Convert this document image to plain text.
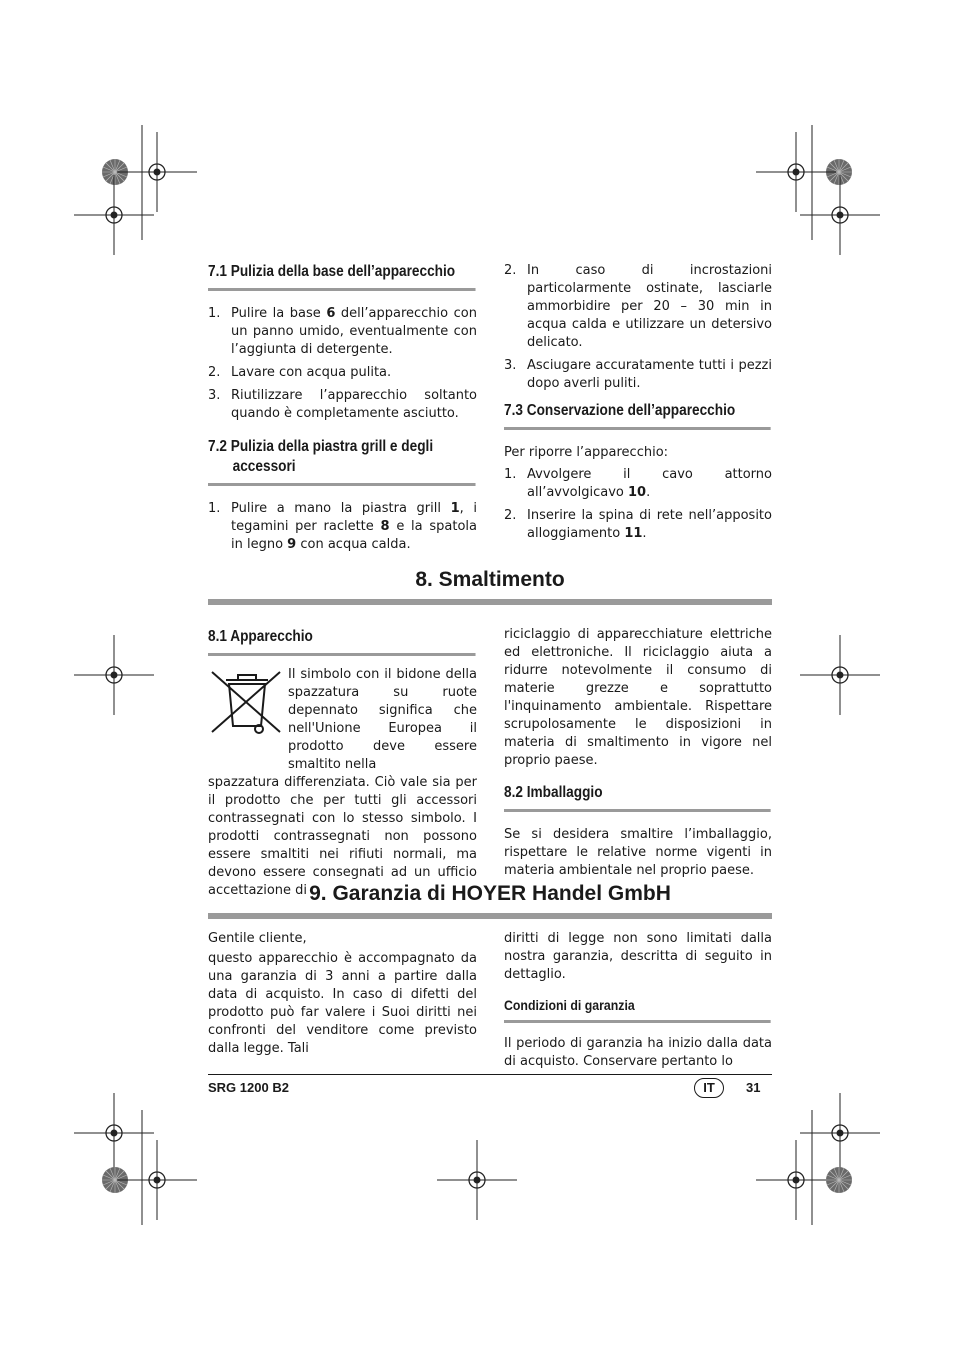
7.1 Pulizia della base dell’apparecchio
1. Pulire la base 6 dell’apparecchio con un panno umido, eventualmente con l’aggiunta di detergente.
2. Lavare con acqua pulita.
3. Riutilizzare l’apparecchio soltanto quando è completamente asciutto.
7.2 Pulizia della piastra grill e degli
accessori
1. Pulire a mano la piastra grill 1, i tegamini per raclette 8 e la spatola in legno 9 con acqua calda.
2. In caso di incrostazioni particolarmente ostinate, lasciarle ammorbidire per 20 – 30 min in acqua calda e utilizzare un detersivo delicato.
3. Asciugare accuratamente tutti i pezzi dopo averli puliti.
7.3 Conservazione dell’apparecchio

Per riporre l’apparecchio:

1. Avvolgere il cavo attorno all’avvolgicavo 10.
2. Inserire la spina di rete nell’apposito alloggiamento 11.
8. Smaltimento
8.1 Apparecchio

Il simbolo con il bidone della spazzatura su ruote depennato significa che nell'Unione Europea il prodotto deve essere smaltito nella

spazzatura differenziata. Ciò vale sia per il prodotto che per tutti gli accessori contrassegnati con lo stesso simbolo. I prodotti contrassegnati non possono essere smaltiti nei rifiuti normali, ma devono essere consegnati ad un ufficio accettazione di

riciclaggio di apparecchiature elettriche ed elettroniche. Il riciclaggio aiuta a ridurre notevolmente il consumo di materie grezze e soprattutto l'inquinamento ambientale. Rispettare scrupolosamente le disposizioni in materia di smaltimento in vigore nel proprio paese.

8.2 Imballaggio

Se si desidera smaltire l’imballaggio, rispettare le relative norme vigenti in materia ambientale nel proprio paese.

9. Garanzia di HOYER Handel GmbH

Gentile cliente,

questo apparecchio è accompagnato da una garanzia di 3 anni a partire dalla data di acquisto. In caso di difetti del prodotto può far valere i Suoi diritti nei confronti del venditore come previsto dalla legge. Tali

diritti di legge non sono limitati dalla nostra garanzia, descritta di seguito in dettaglio.

Condizioni di garanzia

Il periodo di garanzia ha inizio dalla data di acquisto. Conservare pertanto lo

SRG 1200 B2	IT	31
